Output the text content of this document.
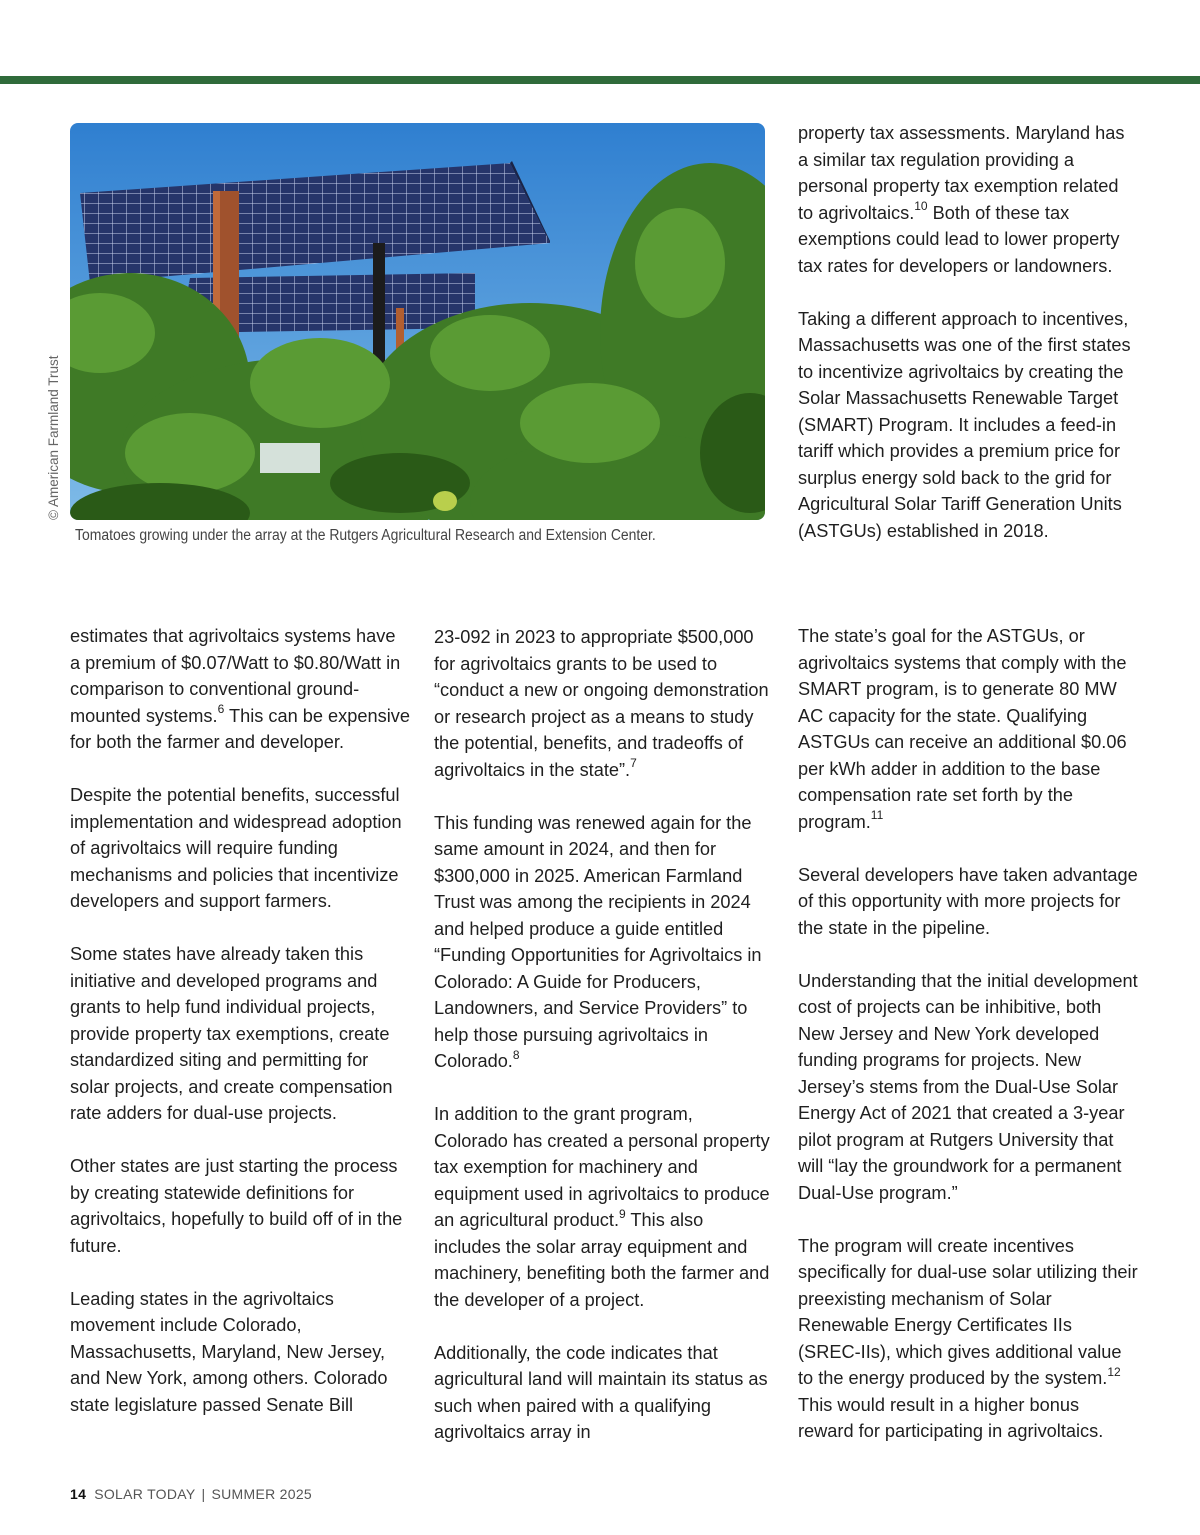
© American Farmland Trust
Tomatoes growing under the array at the Rutgers Agricultural Research and Extension Center.

estimates that agrivoltaics systems have a premium of $0.07/Watt to $0.80/Watt in comparison to conventional ground-mounted systems.$^6$ This can be expensive for both the farmer and developer.

Despite the potential benefits, successful implementation and widespread adoption of agrivoltaics will require funding mechanisms and policies that incentivize developers and support farmers.

Some states have already taken this initiative and developed programs and grants to help fund individual projects, provide property tax exemptions, create standardized siting and permitting for solar projects, and create compensation rate adders for dual-use projects.

Other states are just starting the process by creating statewide definitions for agrivoltaics, hopefully to build off of in the future.

Leading states in the agrivoltaics movement include Colorado, Massachusetts, Maryland, New Jersey, and New York, among others. Colorado state legislature passed Senate Bill

23-092 in 2023 to appropriate $500,000 for agrivoltaics grants to be used to “conduct a new or ongoing demonstration or research project as a means to study the potential, benefits, and tradeoffs of agrivoltaics in the state”.$^7$

This funding was renewed again for the same amount in 2024, and then for $300,000 in 2025. American Farmland Trust was among the recipients in 2024 and helped produce a guide entitled “Funding Opportunities for Agrivoltaics in Colorado: A Guide for Producers, Landowners, and Service Providers” to help those pursuing agrivoltaics in Colorado.$^8$

In addition to the grant program, Colorado has created a personal property tax exemption for machinery and equipment used in agrivoltaics to produce an agricultural product.$^9$ This also includes the solar array equipment and machinery, benefiting both the farmer and the developer of a project.

Additionally, the code indicates that agricultural land will maintain its status as such when paired with a qualifying agrivoltaics array in

property tax assessments. Maryland has a similar tax regulation providing a personal property tax exemption related to agrivoltaics.$^{10}$ Both of these tax exemptions could lead to lower property tax rates for developers or landowners.

Taking a different approach to incentives, Massachusetts was one of the first states to incentivize agrivoltaics by creating the Solar Massachusetts Renewable Target (SMART) Program. It includes a feed-in tariff which provides a premium price for surplus energy sold back to the grid for Agricultural Solar Tariff Generation Units (ASTGUs) established in 2018.

The state’s goal for the ASTGUs, or agrivoltaics systems that comply with the SMART program, is to generate 80 MW AC capacity for the state. Qualifying ASTGUs can receive an additional $0.06 per kWh adder in addition to the base compensation rate set forth by the program.$^{11}$

Several developers have taken advantage of this opportunity with more projects for the state in the pipeline.

Understanding that the initial development cost of projects can be inhibitive, both New Jersey and New York developed funding programs for projects. New Jersey’s stems from the Dual-Use Solar Energy Act of 2021 that created a 3-year pilot program at Rutgers University that will “lay the groundwork for a permanent Dual-Use program.”

The program will create incentives specifically for dual-use solar utilizing their preexisting mechanism of Solar Renewable Energy Certificates IIs (SREC-IIs), which gives additional value to the energy produced by the system.$^{12}$ This would result in a higher bonus reward for participating in agrivoltaics.

14 SOLAR TODAY | SUMMER 2025
